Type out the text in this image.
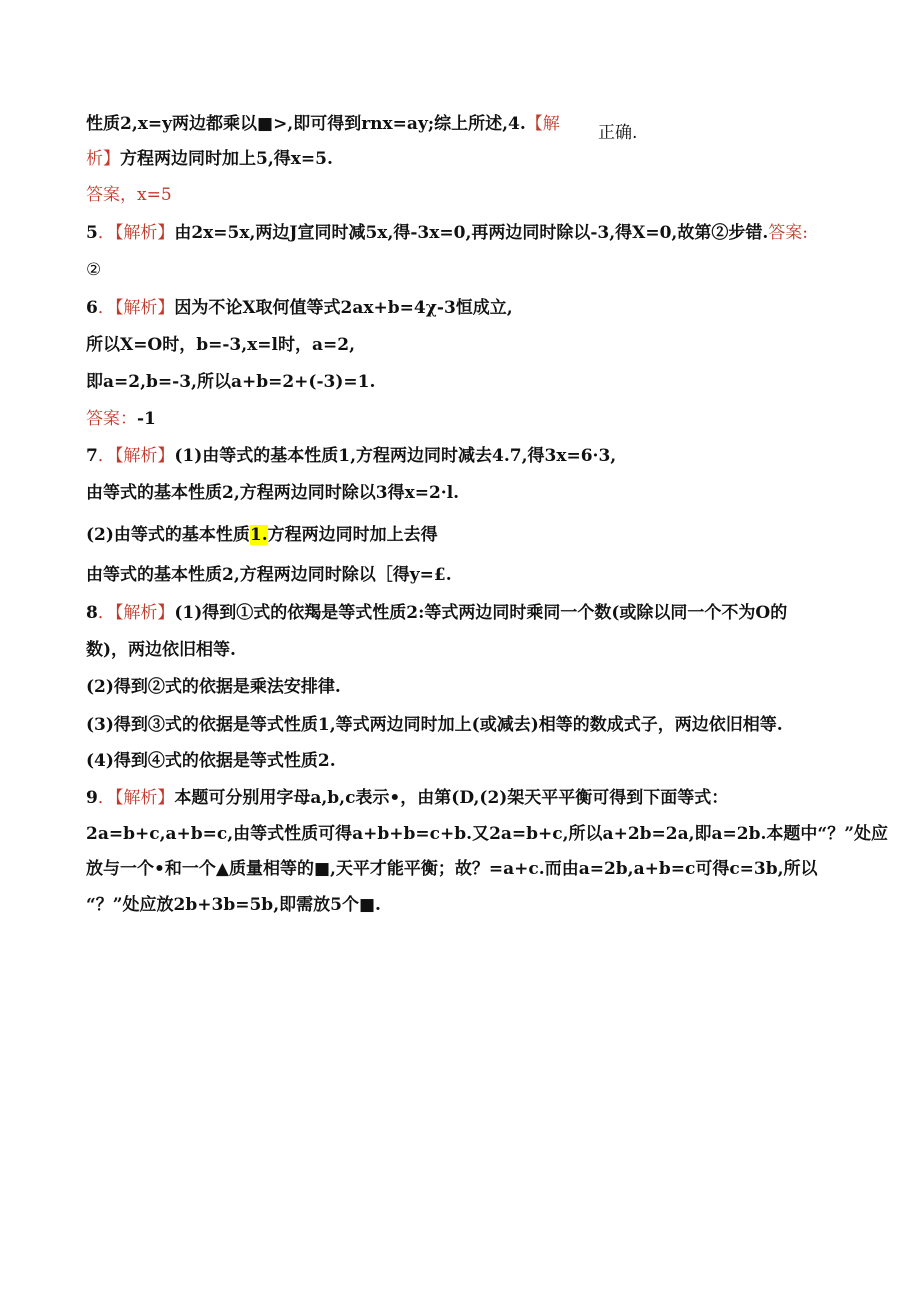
性质2,x=y两边都乘以■>,即可得到rnx=ay;综上所述,4.【解 正确.
析】方程两边同时加上5,得x=5.
答案，x=5
5．【解析】由2x=5x,两边J宣同时减5x,得-3x=0,再两边同时除以-3,得X=0,故第②步错.答案:
②
6．【解析】因为不论X取何值等式2ax+b=4χ-3恒成立,
所以X=O时，b=-3,x=l时，a=2,
即a=2,b=-3,所以a+b=2+(-3)=1.
答案：-1
7．【解析】(1)由等式的基本性质1,方程两边同时减去4.7,得3x=6·3,
由等式的基本性质2,方程两边同时除以3得x=2·l.
(2)由等式的基本性质1.方程两边同时加上去得
由等式的基本性质2,方程两边同时除以［得y=£.
8．【解析】(1)得到①式的依羯是等式性质2:等式两边同时乘同一个数(或除以同一个不为O的
数)，两边依旧相等.
(2)得到②式的依据是乘法安排律.
(3)得到③式的依据是等式性质1,等式两边同时加上(或减去)相等的数成式子，两边依旧相等.
(4)得到④式的依据是等式性质2.
9．【解析】本题可分别用字母a,b,c表示•，由第(D,(2)架天平平衡可得到下面等式：
2a=b+c,a+b=c,由等式性质可得a+b+b=c+b.又2a=b+c,所以a+2b=2a,即a=2b.本题中“？”处应
放与一个•和一个▲质量相等的■,天平才能平衡；故？=a+c.而由a=2b,a+b=c可得c=3b,所以
“？”处应放2b+3b=5b,即需放5个■.
